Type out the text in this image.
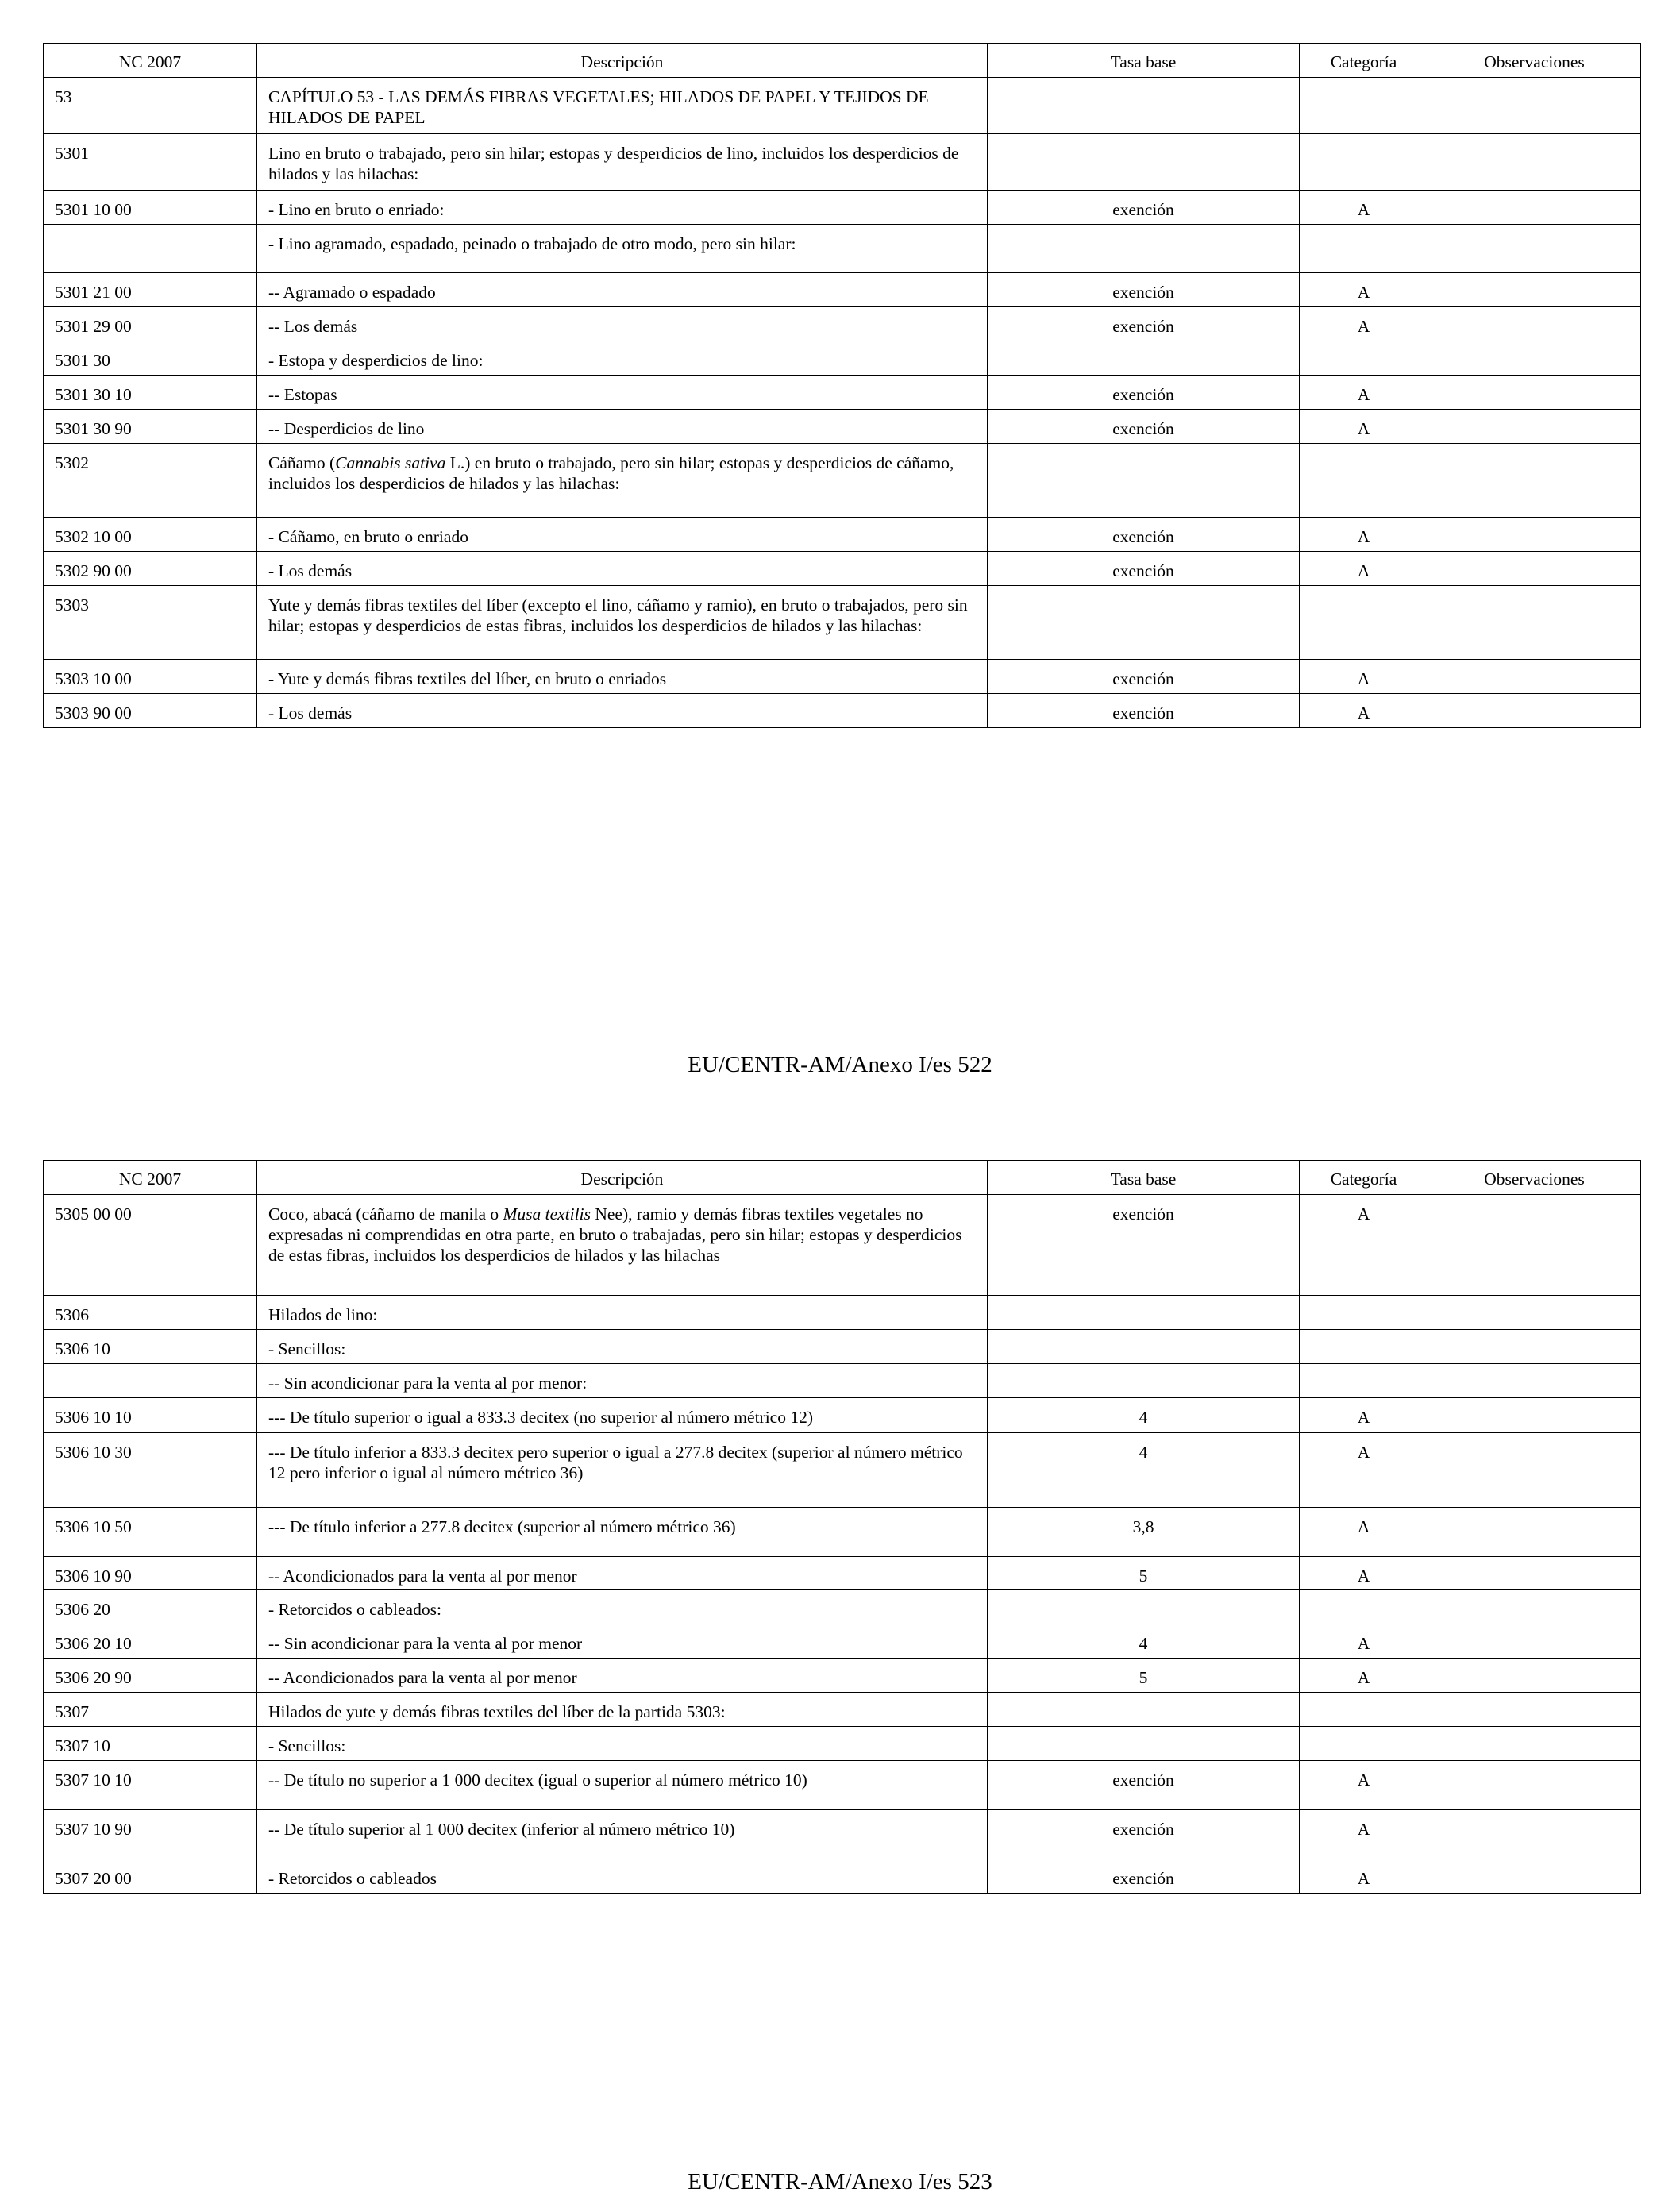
NC 2007	Descripción	Tasa base	Categoría	Observaciones
53	CAPÍTULO 53 - LAS DEMÁS FIBRAS VEGETALES; HILADOS DE PAPEL Y TEJIDOS DE HILADOS DE PAPEL			
5301	Lino en bruto o trabajado, pero sin hilar; estopas y desperdicios de lino, incluidos los desperdicios de hilados y las hilachas:			
5301 10 00	- Lino en bruto o enriado:	exención	A	
	- Lino agramado, espadado, peinado o trabajado de otro modo, pero sin hilar:			
5301 21 00	-- Agramado o espadado	exención	A	
5301 29 00	-- Los demás	exención	A	
5301 30	- Estopa y desperdicios de lino:			
5301 30 10	-- Estopas	exención	A	
5301 30 90	-- Desperdicios de lino	exención	A	
5302	Cáñamo (Cannabis sativa L.) en bruto o trabajado, pero sin hilar; estopas y desperdicios de cáñamo, incluidos los desperdicios de hilados y las hilachas:			
5302 10 00	- Cáñamo, en bruto o enriado	exención	A	
5302 90 00	- Los demás	exención	A	
5303	Yute y demás fibras textiles del líber (excepto el lino, cáñamo y ramio), en bruto o trabajados, pero sin hilar; estopas y desperdicios de estas fibras, incluidos los desperdicios de hilados y las hilachas:			
5303 10 00	- Yute y demás fibras textiles del líber, en bruto o enriados	exención	A	
5303 90 00	- Los demás	exención	A	
EU/CENTR-AM/Anexo I/es 522
NC 2007	Descripción	Tasa base	Categoría	Observaciones
5305 00 00	Coco, abacá (cáñamo de manila o Musa textilis Nee), ramio y demás fibras textiles vegetales no expresadas ni comprendidas en otra parte, en bruto o trabajadas, pero sin hilar; estopas y desperdicios de estas fibras, incluidos los desperdicios de hilados y las hilachas	exención	A	
5306	Hilados de lino:			
5306 10	- Sencillos:			
	-- Sin acondicionar para la venta al por menor:			
5306 10 10	--- De título superior o igual a 833.3 decitex (no superior al número métrico 12)	4	A	
5306 10 30	--- De título inferior a 833.3 decitex pero superior o igual a 277.8 decitex (superior al número métrico 12 pero inferior o igual al número métrico 36)	4	A	
5306 10 50	--- De título inferior a 277.8 decitex (superior al número métrico 36)	3,8	A	
5306 10 90	-- Acondicionados para la venta al por menor	5	A	
5306 20	- Retorcidos o cableados:			
5306 20 10	-- Sin acondicionar para la venta al por menor	4	A	
5306 20 90	-- Acondicionados para la venta al por menor	5	A	
5307	Hilados de yute y demás fibras textiles del líber de la partida 5303:			
5307 10	- Sencillos:			
5307 10 10	-- De título no superior a 1 000 decitex (igual o superior al número métrico 10)	exención	A	
5307 10 90	-- De título superior al 1 000 decitex (inferior al número métrico 10)	exención	A	
5307 20 00	- Retorcidos o cableados	exención	A	
EU/CENTR-AM/Anexo I/es 523
